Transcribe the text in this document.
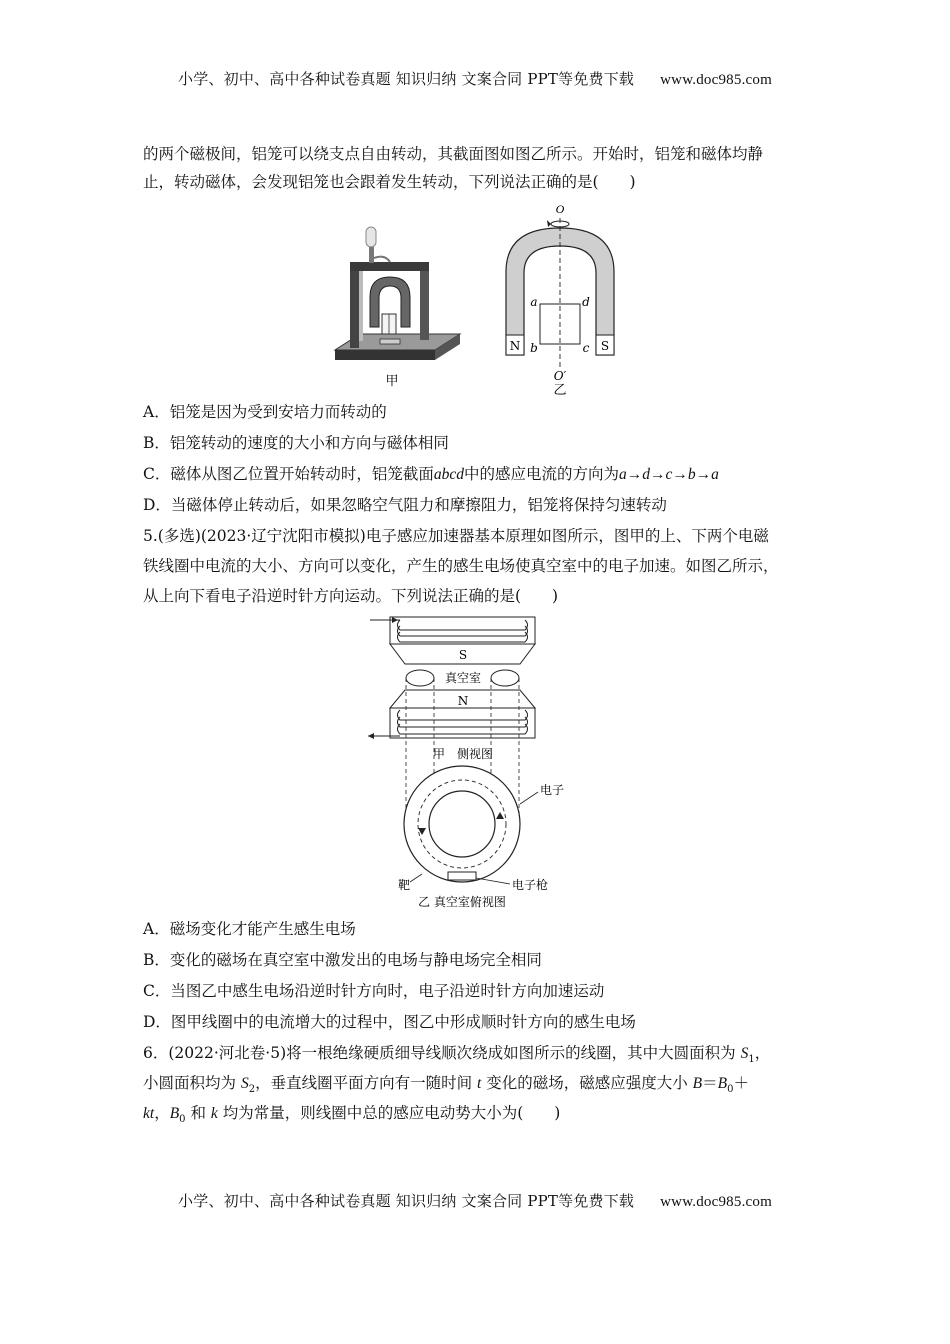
小学、初中、高中各种试卷真题 知识归纳 文案合同 PPT等免费下载 www.doc985.com
的两个磁极间，铝笼可以绕支点自由转动，其截面图如图乙所示。开始时，铝笼和磁体均静
止，转动磁体，会发现铝笼也会跟着发生转动，下列说法正确的是(　　)
甲
N	S
O
O′
a
b	c
d
乙
A．铝笼是因为受到安培力而转动的
B．铝笼转动的速度的大小和方向与磁体相同
C．磁体从图乙位置开始转动时，铝笼截面abcd中的感应电流的方向为a→d→c→b→a
D．当磁体停止转动后，如果忽略空气阻力和摩擦阻力，铝笼将保持匀速转动
5.(多选)(2023·辽宁沈阳市模拟)电子感应加速器基本原理如图所示，图甲的上、下两个电磁
铁线圈中电流的大小、方向可以变化，产生的感生电场使真空室中的电子加速。如图乙所示，
从上向下看电子沿逆时针方向运动。下列说法正确的是(　　)
S
真空室
N
甲　侧视图
电子
靶	电子枪
乙 真空室俯视图
A．磁场变化才能产生感生电场
B．变化的磁场在真空室中激发出的电场与静电场完全相同
C．当图乙中感生电场沿逆时针方向时，电子沿逆时针方向加速运动
D．图甲线圈中的电流增大的过程中，图乙中形成顺时针方向的感生电场
6．(2022·河北卷·5)将一根绝缘硬质细导线顺次绕成如图所示的线圈，其中大圆面积为 $S_1$，
小圆面积均为 $S_2$，垂直线圈平面方向有一随时间 t 变化的磁场，磁感应强度大小 $B=B_0+$
kt，$B_0$ 和 k 均为常量，则线圈中总的感应电动势大小为(　　)
小学、初中、高中各种试卷真题 知识归纳 文案合同 PPT等免费下载 www.doc985.com
